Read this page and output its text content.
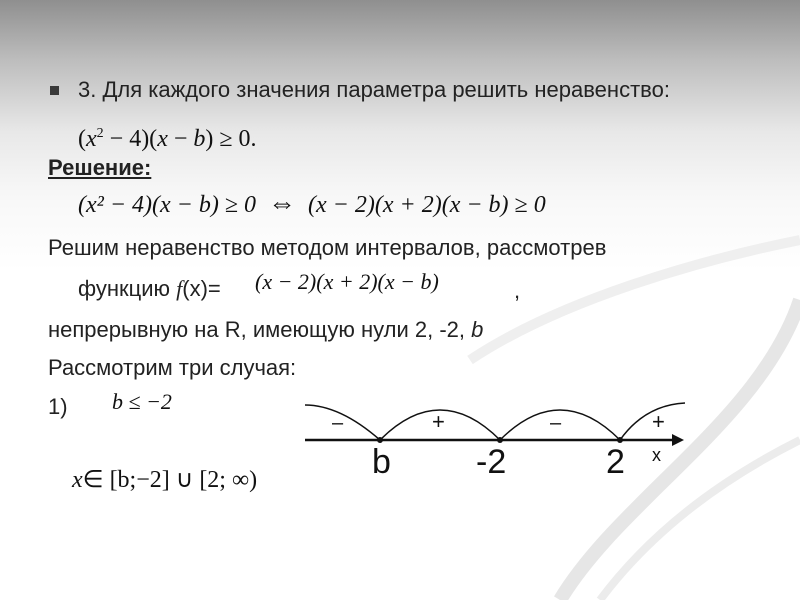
3. Для каждого значения параметра решить неравенство:
$(x^2 - 4)(x - b) \ge 0$.
Решение:
(x² − 4)(x − b) ≥ 0 ⇔ (x − 2)(x + 2)(x − b) ≥ 0
Решим неравенство методом интервалов, рассмотрев
функцию f(x)= (x − 2)(x + 2)(x − b)	,
непрерывную на R, имеющую нули 2, -2, b
Рассмотрим три случая:
1) b ≤ −2
x∈ [b;−2] ∪ [2; ∞)
–	+	–	+
b	-2	2 x
